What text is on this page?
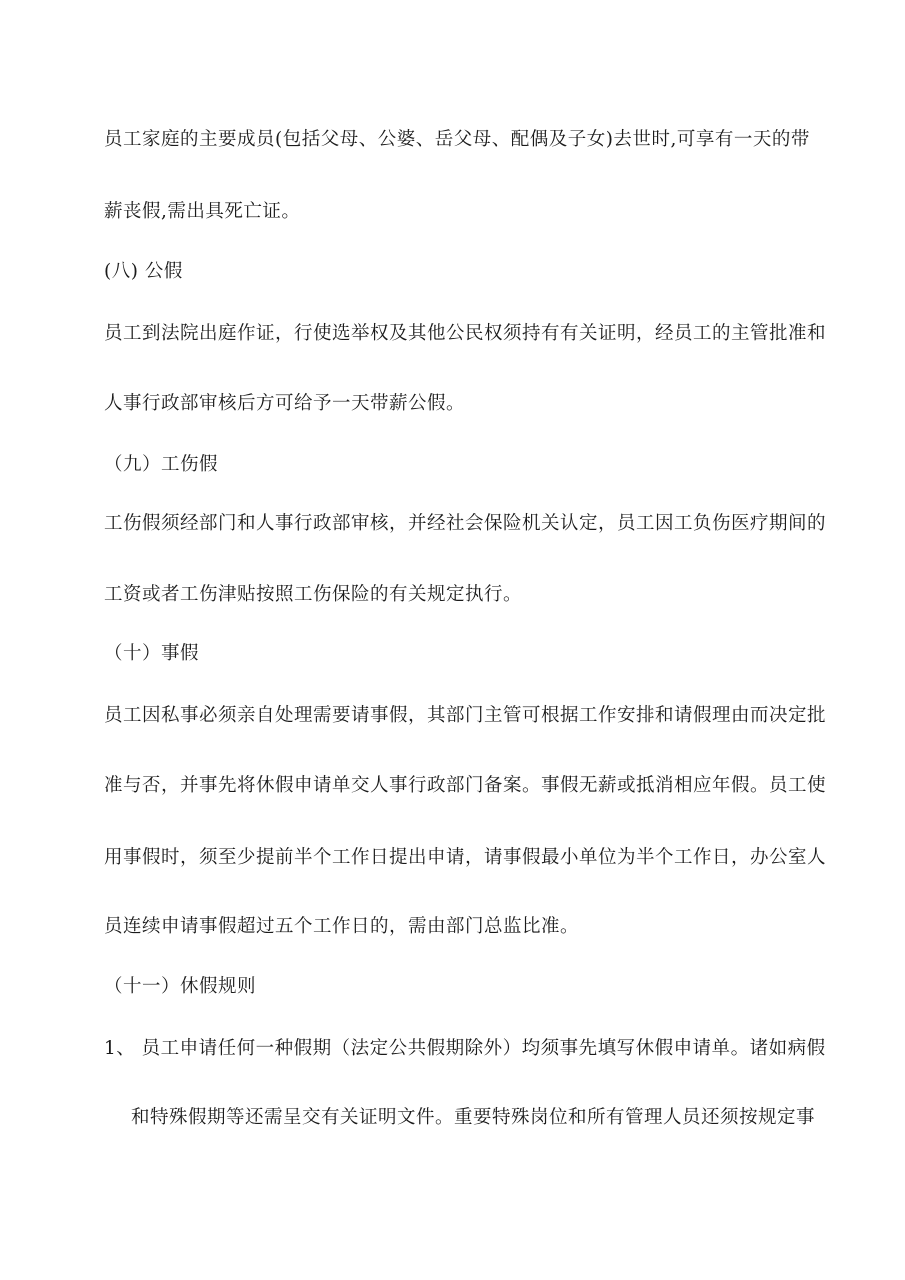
员工家庭的主要成员(包括父母、公婆、岳父母、配偶及子女)去世时,可享有一天的带
薪丧假,需出具死亡证。
(八) 公假
员工到法院出庭作证，行使选举权及其他公民权须持有有关证明，经员工的主管批准和
人事行政部审核后方可给予一天带薪公假。
（九）工伤假
工伤假须经部门和人事行政部审核，并经社会保险机关认定，员工因工负伤医疗期间的
工资或者工伤津贴按照工伤保险的有关规定执行。
（十）事假
员工因私事必须亲自处理需要请事假，其部门主管可根据工作安排和请假理由而决定批
准与否，并事先将休假申请单交人事行政部门备案。事假无薪或抵消相应年假。员工使
用事假时，须至少提前半个工作日提出申请，请事假最小单位为半个工作日，办公室人
员连续申请事假超过五个工作日的，需由部门总监比准。
（十一）休假规则
1、 员工申请任何一种假期（法定公共假期除外）均须事先填写休假申请单。诸如病假
和特殊假期等还需呈交有关证明文件。重要特殊岗位和所有管理人员还须按规定事
